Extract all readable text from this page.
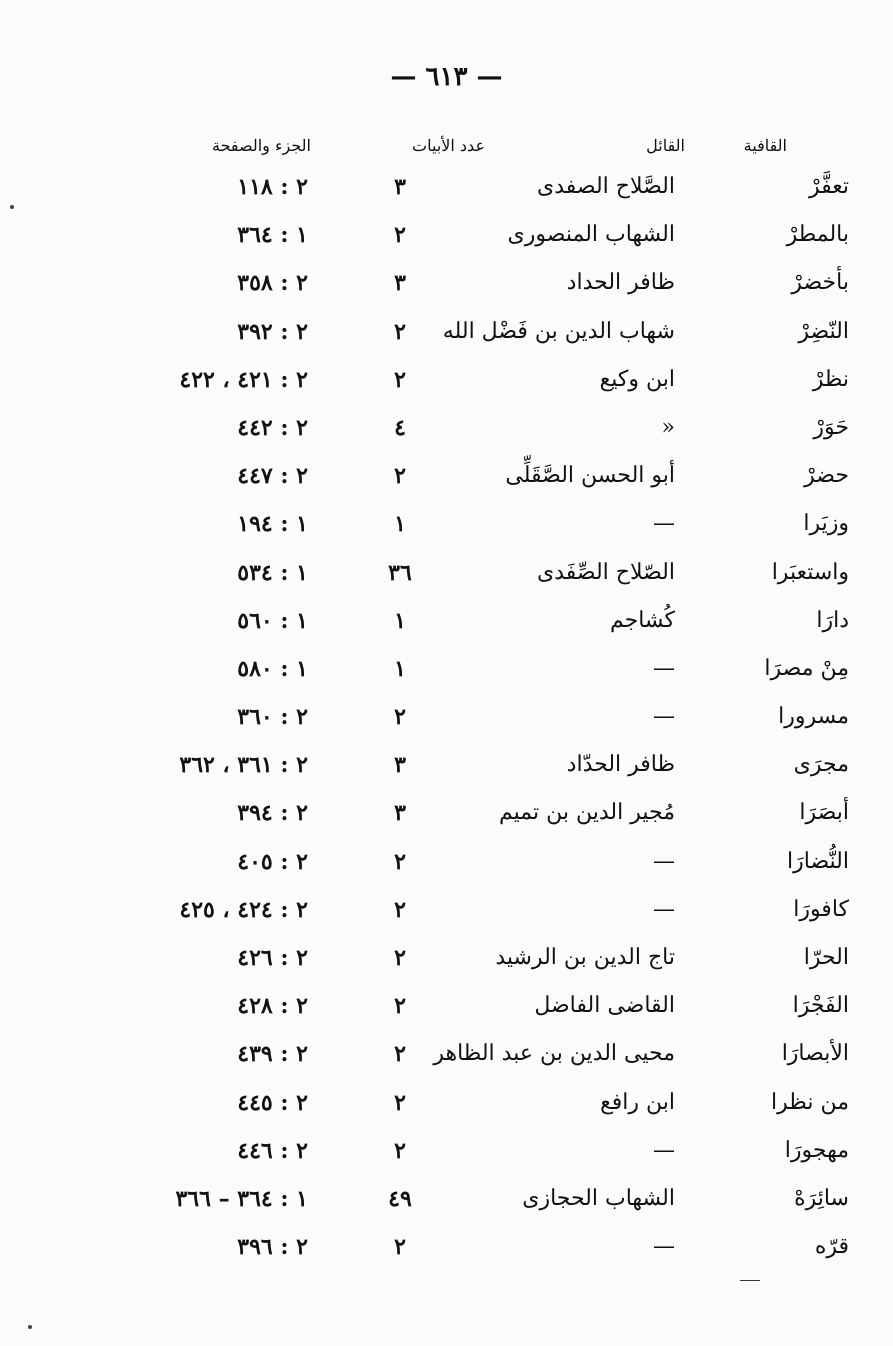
— ٦١٣ —
القافية
القائل
عدد الأبيات
الجزء والصفحة
تعفَّرْ
الصَّلاح الصفدى
٣
٢ : ١١٨
بالمطرْ
الشهاب المنصورى
٢
١ : ٣٦٤
بأخضرْ
ظافر الحداد
٣
٢ : ٣٥٨
النّضِرْ
شهاب الدين بن فَضْل الله
٢
٢ : ٣٩٢
نظرْ
ابن وكيع
٢
٢ : ٤٢١ ، ٤٢٢
حَوَرْ
«
٤
٢ : ٤٤٢
حضرْ
أبو الحسن الصَّقَلِّى
٢
٢ : ٤٤٧
وزيَرا
—
١
١ : ١٩٤
واستعبَرا
الصّلاح الصِّفَدى
٣٦
١ : ٥٣٤
دارَا
كُشاجم
١
١ : ٥٦٠
مِنْ مصرَا
—
١
١ : ٥٨٠
مسرورا
—
٢
٢ : ٣٦٠
مجرَى
ظافر الحدّاد
٣
٢ : ٣٦١ ، ٣٦٢
أبصَرَا
مُجير الدين بن تميم
٣
٢ : ٣٩٤
النُّضارَا
—
٢
٢ : ٤٠٥
كافورَا
—
٢
٢ : ٤٢٤ ، ٤٢٥
الحرّا
تاج الدين بن الرشيد
٢
٢ : ٤٢٦
الفَجْرَا
القاضى الفاضل
٢
٢ : ٤٢٨
الأبصارَا
محيى الدين بن عبد الظاهر
٢
٢ : ٤٣٩
من نظرا
ابن رافع
٢
٢ : ٤٤٥
مهجورَا
—
٢
٢ : ٤٤٦
سائِرَهْ
الشهاب الحجازى
٤٩
١ : ٣٦٤ – ٣٦٦
قرّه
—
٢
٢ : ٣٩٦
